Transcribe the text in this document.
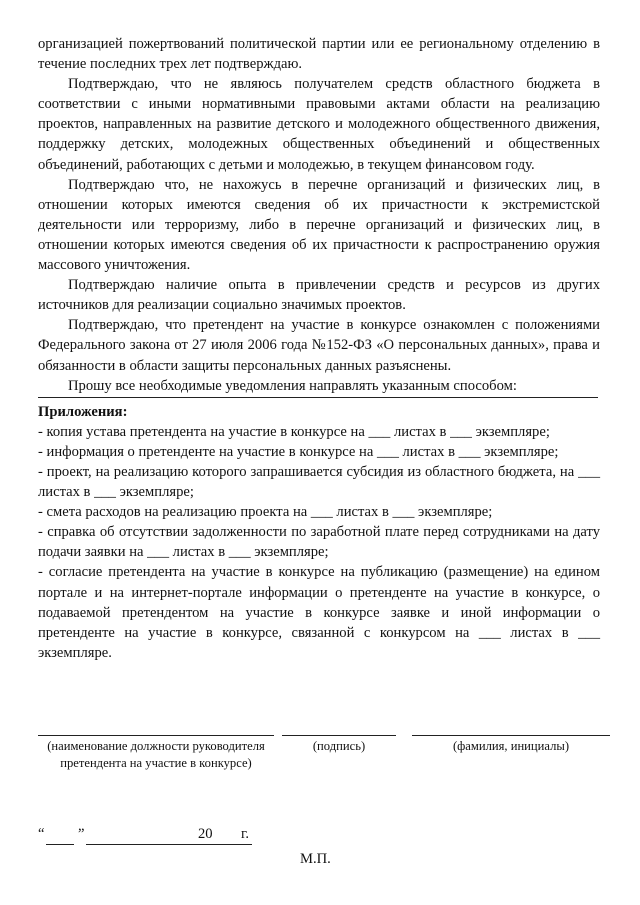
организацией пожертвований политической партии или ее региональному отделению в течение последних трех лет подтверждаю.

Подтверждаю, что не являюсь получателем средств областного бюджета в соответствии с иными нормативными правовыми актами области на реализацию проектов, направленных на развитие детского и молодежного общественного движения, поддержку детских, молодежных общественных объединений и общественных объединений, работающих с детьми и молодежью, в текущем финансовом году.

Подтверждаю что, не нахожусь в перечне организаций и физических лиц, в отношении которых имеются сведения об их причастности к экстремистской деятельности или терроризму, либо в перечне организаций и физических лиц, в отношении которых имеются сведения об их причастности к распространению оружия массового уничтожения.

Подтверждаю наличие опыта в привлечении средств и ресурсов из других источников для реализации социально значимых проектов.

Подтверждаю, что претендент на участие в конкурсе ознакомлен с положениями Федерального закона от 27 июля 2006 года №152-ФЗ «О персональных данных», права и обязанности в области защиты персональных данных разъяснены.

Прошу все необходимые уведомления направлять указанным способом:

Приложения:

- копия устава претендента на участие в конкурсе на ___ листах в ___ экземпляре;
- информация о претенденте на участие в конкурсе на ___ листах в ___ экземпляре;
- проект, на реализацию которого запрашивается субсидия из областного бюджета, на ___ листах в ___ экземпляре;
- смета расходов на реализацию проекта на ___ листах в ___ экземпляре;
- справка об отсутствии задолженности по заработной плате перед сотрудниками на дату подачи заявки на ___ листах в ___ экземпляре;
- согласие претендента на участие в конкурсе на публикацию (размещение) на едином портале и на интернет-портале информации о претенденте на участие в конкурсе, о подаваемой претендентом на участие в конкурсе заявке и иной информации о претенденте на участие в конкурсе, связанной с конкурсом на ___ листах в ___ экземпляре.
(наименование должности руководителя претендента на участие в конкурсе)
(подпись)	(фамилия, инициалы)
“ ”	20 г.
М.П.
